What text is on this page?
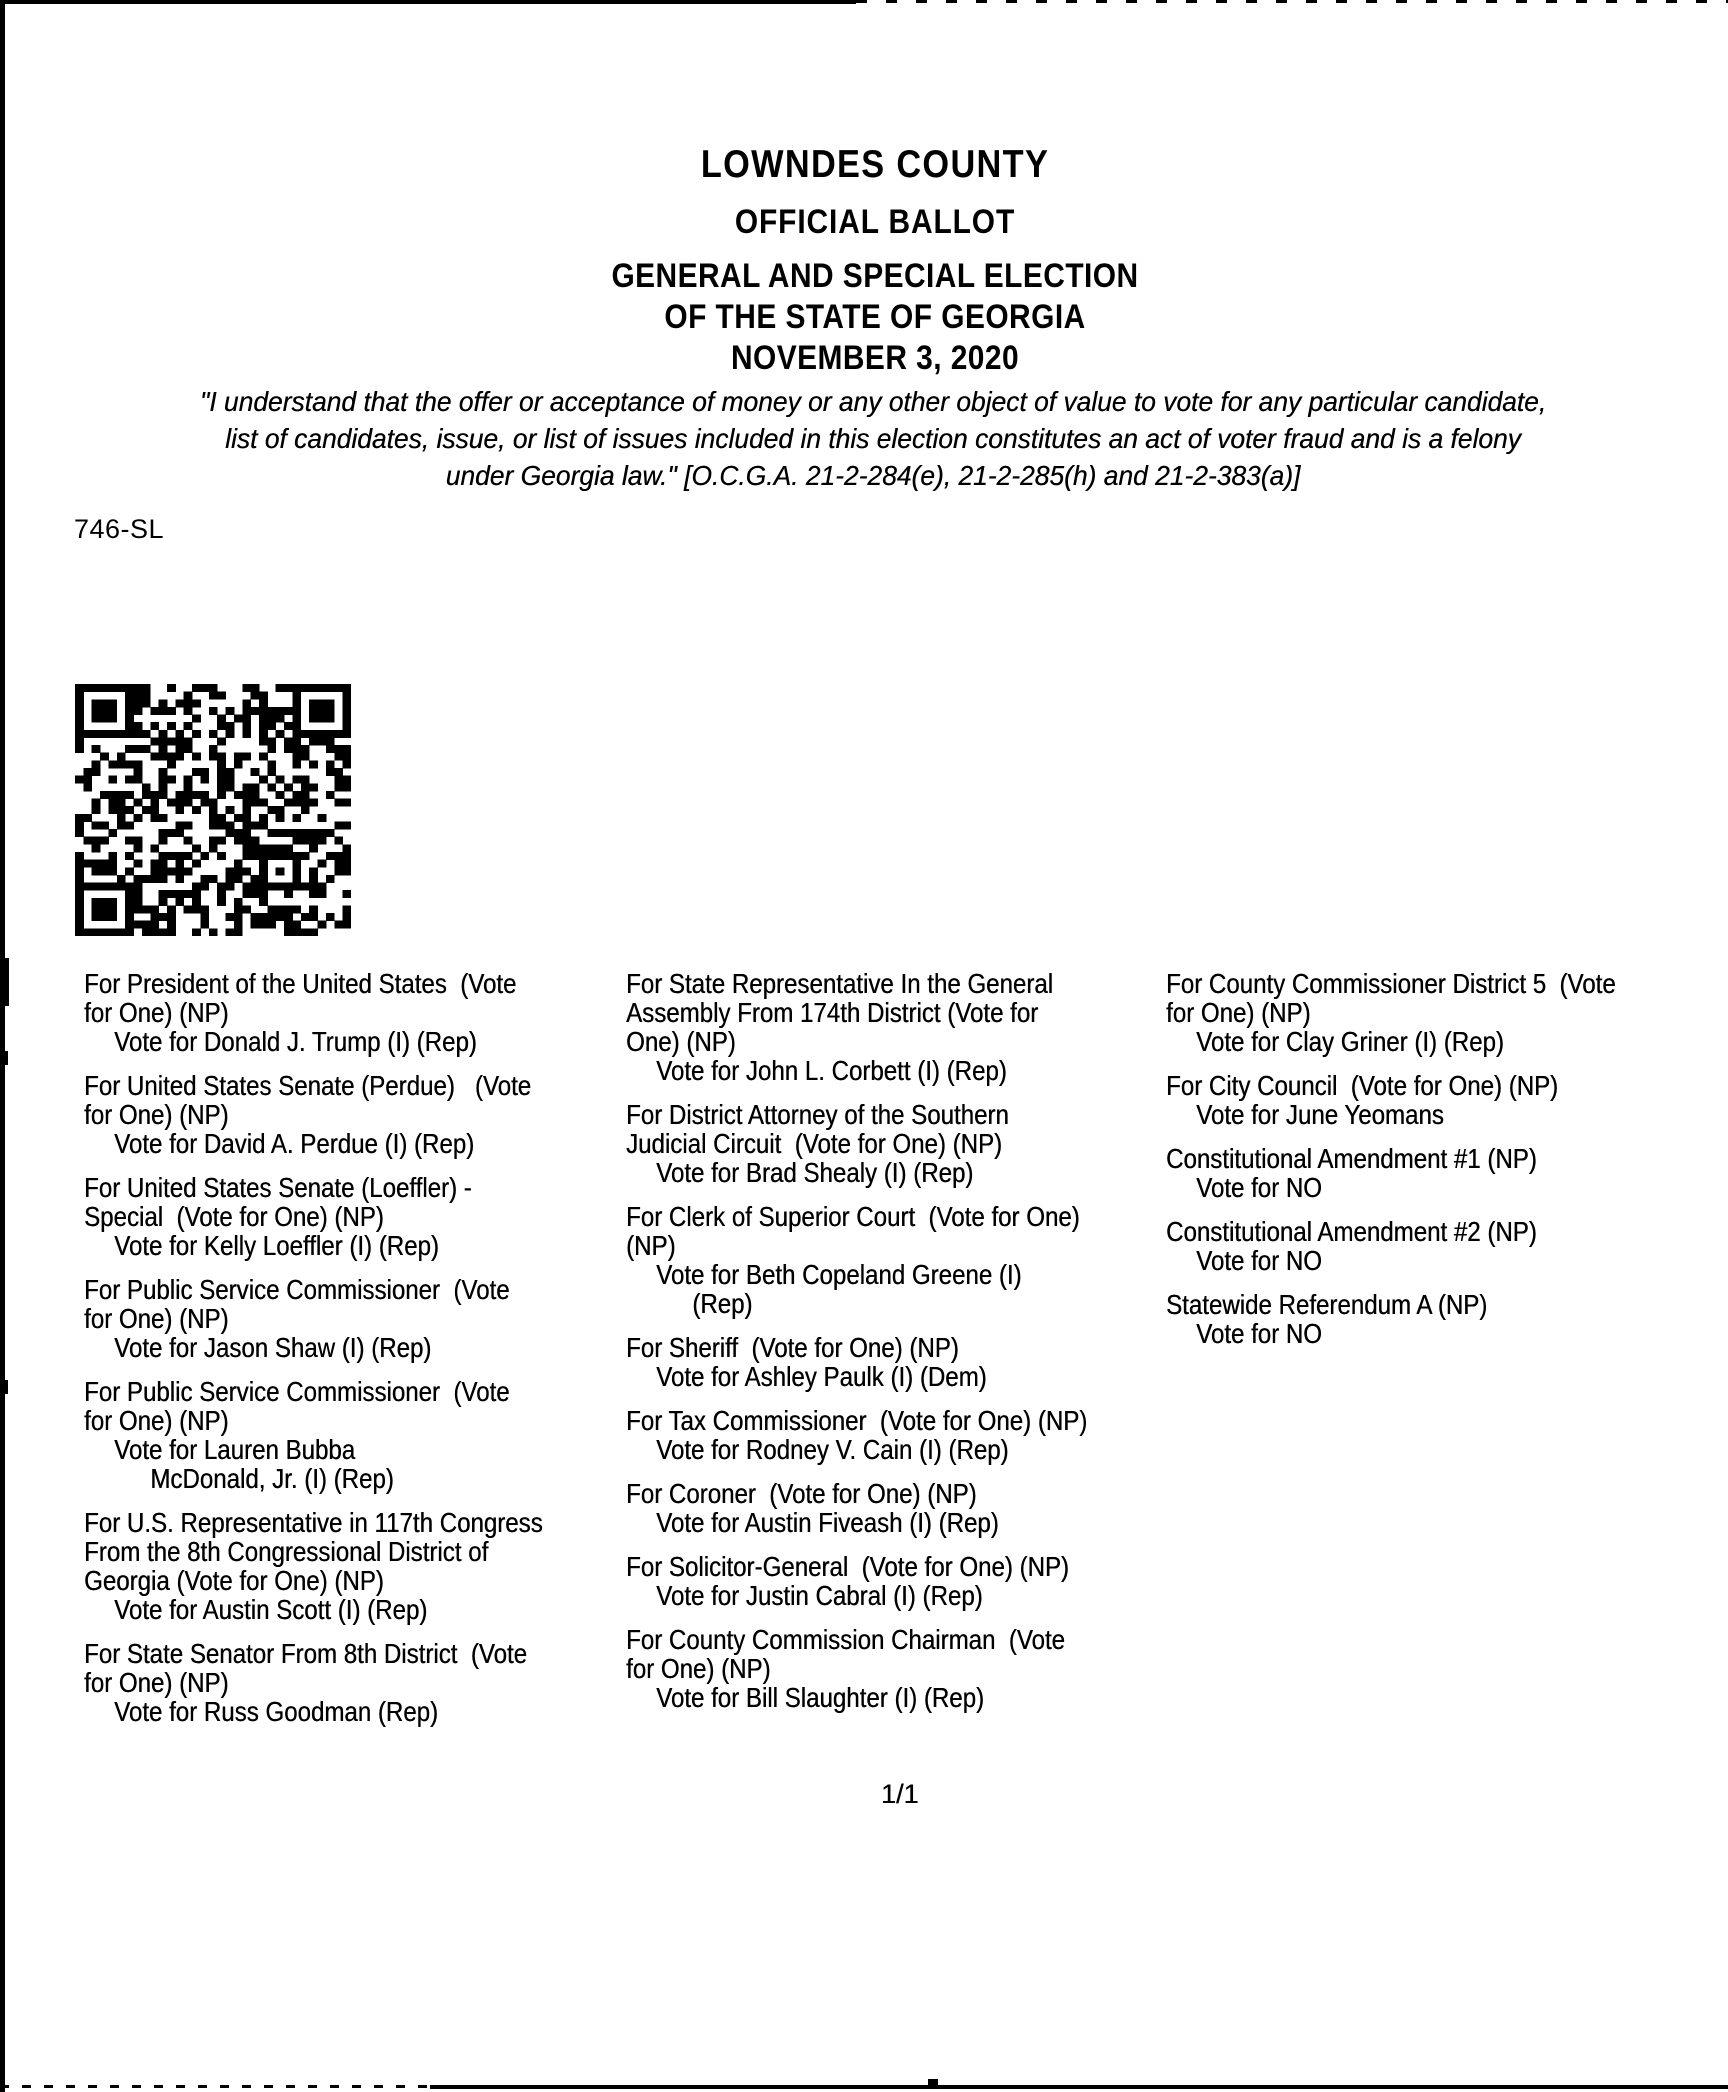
LOWNDES COUNTY
OFFICIAL BALLOT
GENERAL AND SPECIAL ELECTION
OF THE STATE OF GEORGIA
NOVEMBER 3, 2020
"I understand that the offer or acceptance of money or any other object of value to vote for any particular candidate,
list of candidates, issue, or list of issues included in this election constitutes an act of voter fraud and is a felony
under Georgia law." [O.C.G.A. 21-2-284(e), 21-2-285(h) and 21-2-383(a)]
746-SL
For President of the United States  (Vote
for One) (NP)
Vote for Donald J. Trump (I) (Rep)
For United States Senate (Perdue)   (Vote
for One) (NP)
Vote for David A. Perdue (I) (Rep)
For United States Senate (Loeffler) -
Special  (Vote for One) (NP)
Vote for Kelly Loeffler (I) (Rep)
For Public Service Commissioner  (Vote
for One) (NP)
Vote for Jason Shaw (I) (Rep)
For Public Service Commissioner  (Vote
for One) (NP)
Vote for Lauren Bubba
McDonald, Jr. (I) (Rep)
For U.S. Representative in 117th Congress
From the 8th Congressional District of
Georgia (Vote for One) (NP)
Vote for Austin Scott (I) (Rep)
For State Senator From 8th District  (Vote
for One) (NP)
Vote for Russ Goodman (Rep)
For State Representative In the General
Assembly From 174th District (Vote for
One) (NP)
Vote for John L. Corbett (I) (Rep)
For District Attorney of the Southern
Judicial Circuit  (Vote for One) (NP)
Vote for Brad Shealy (I) (Rep)
For Clerk of Superior Court  (Vote for One)
(NP)
Vote for Beth Copeland Greene (I)
(Rep)
For Sheriff  (Vote for One) (NP)
Vote for Ashley Paulk (I) (Dem)
For Tax Commissioner  (Vote for One) (NP)
Vote for Rodney V. Cain (I) (Rep)
For Coroner  (Vote for One) (NP)
Vote for Austin Fiveash (I) (Rep)
For Solicitor-General  (Vote for One) (NP)
Vote for Justin Cabral (I) (Rep)
For County Commission Chairman  (Vote
for One) (NP)
Vote for Bill Slaughter (I) (Rep)
For County Commissioner District 5  (Vote
for One) (NP)
Vote for Clay Griner (I) (Rep)
For City Council  (Vote for One) (NP)
Vote for June Yeomans
Constitutional Amendment #1 (NP)
Vote for NO
Constitutional Amendment #2 (NP)
Vote for NO
Statewide Referendum A (NP)
Vote for NO
1/1
